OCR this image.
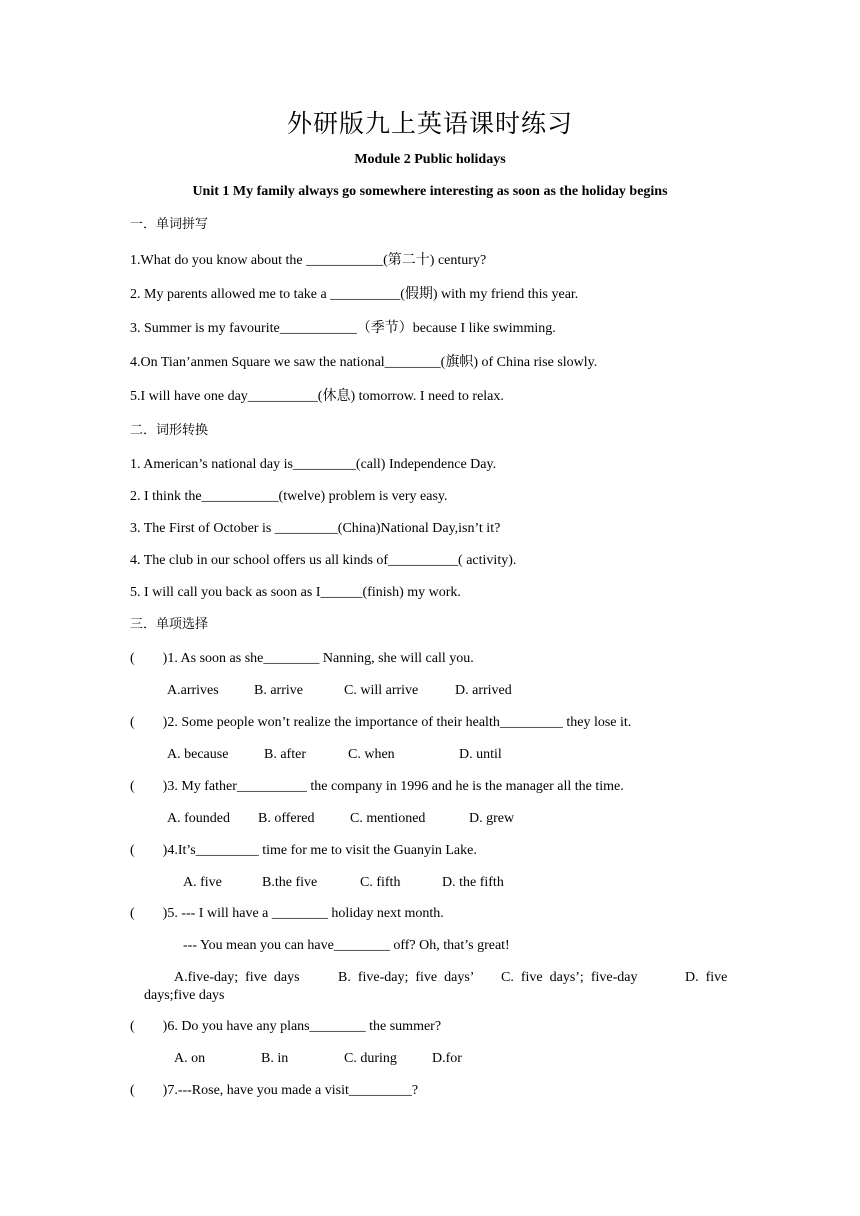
外研版九上英语课时练习
Module 2 Public holidays
Unit 1 My family always go somewhere interesting as soon as the holiday begins
一．单词拼写
1.What do you know about the ___________(第二十) century?
2. My parents allowed me to take a __________(假期) with my friend this year.
3. Summer is my favourite___________（季节）because I like swimming.
4.On Tian’anmen Square we saw the national________(旗帜) of China rise slowly.
5.I will have one day__________(休息) tomorrow. I need to relax.
二．词形转换
1. American’s national day is_________(call) Independence Day.
2. I think the___________(twelve) problem is very easy.
3. The First of October is _________(China)National Day,isn’t it?
4. The club in our school offers us all kinds of__________( activity).
5. I will call you back as soon as I______(finish) my work.
三．单项选择
(        )1. As soon as she________ Nanning, she will call you.
A.arrives	B. arrive	C. will arrive	D. arrived
(        )2. Some people won’t realize the importance of their health_________ they lose it.
A. because	B. after	C. when	D. until
(        )3. My father__________ the company in 1996 and he is the manager all the time.
A. founded B. offered	C. mentioned	D. grew
(        )4.It’s_________ time for me to visit the Guanyin Lake.
A. five	B.the five	C. fifth	D. the fifth
(        )5. --- I will have a ________ holiday next month.
--- You mean you can have________ off? Oh, that’s great!
A.five-day;  five  days	B.  five-day;  five  days’ C.  five  days’;  five-day	D.  five
days;five days
(        )6. Do you have any plans________ the summer?
A. on	B. in	C. during	D.for
(        )7.---Rose, have you made a visit_________?
